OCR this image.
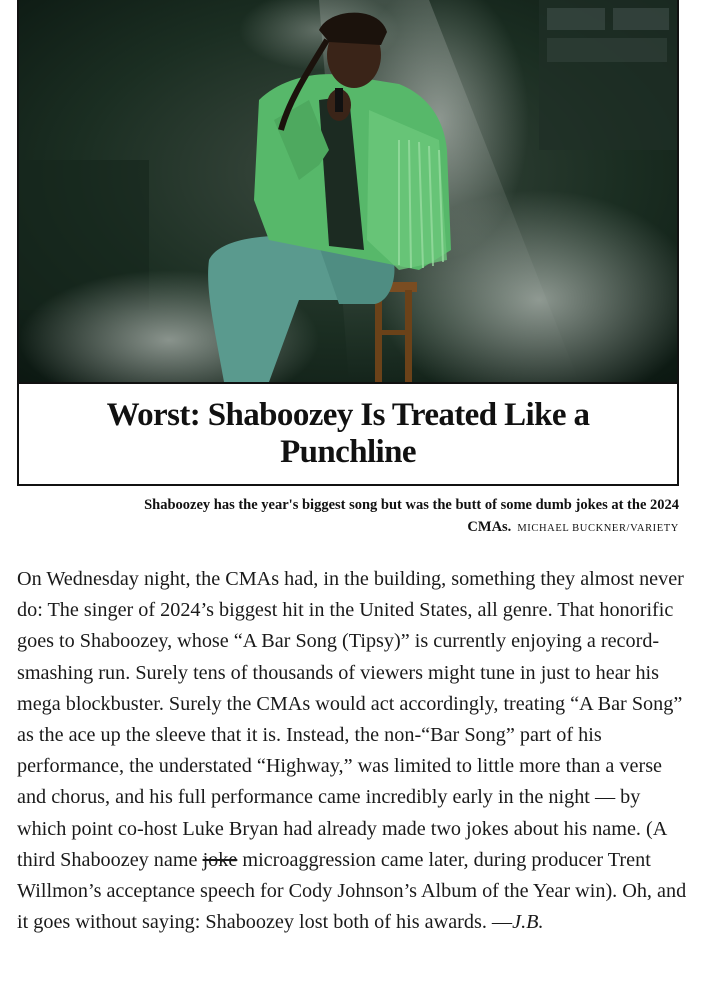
Worst: Shaboozey Is Treated Like a Punchline
Shaboozey has the year's biggest song but was the butt of some dumb jokes at the 2024 CMAs. MICHAEL BUCKNER/VARIETY

On Wednesday night, the CMAs had, in the building, something they almost never do: The singer of 2024’s biggest hit in the United States, all genre. That honorific goes to Shaboozey, whose “A Bar Song (Tipsy)” is currently enjoying a record-smashing run. Surely tens of thousands of viewers might tune in just to hear his mega blockbuster. Surely the CMAs would act accordingly, treating “A Bar Song” as the ace up the sleeve that it is. Instead, the non-“Bar Song” part of his performance, the understated “Highway,” was limited to little more than a verse and chorus, and his full performance came incredibly early in the night — by which point co-host Luke Bryan had already made two jokes about his name. (A third Shaboozey name joke microaggression came later, during producer Trent Willmon’s acceptance speech for Cody Johnson’s Album of the Year win). Oh, and it goes without saying: Shaboozey lost both of his awards. —J.B.
